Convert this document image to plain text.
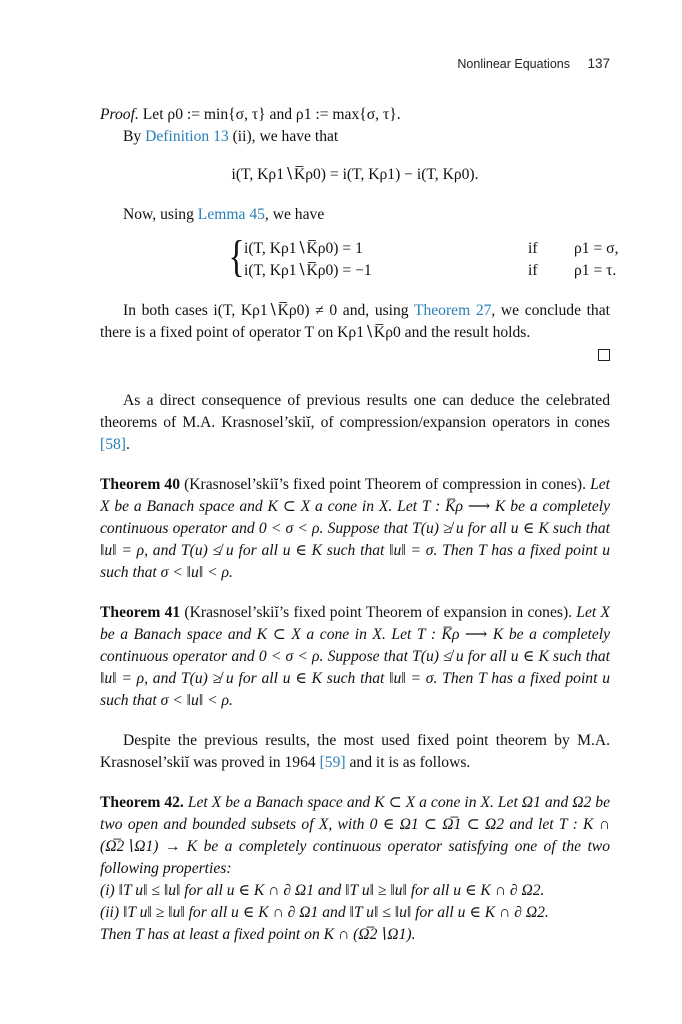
Nonlinear Equations 137

Proof. Let ρ0 := min{σ, τ} and ρ1 := max{σ, τ}.

By Definition 13 (ii), we have that

i(T, Kρ1∖K̅ρ0) = i(T, Kρ1) − i(T, Kρ0).

Now, using Lemma 45, we have

{ i(T, Kρ1∖K̅ρ0) = 1	if ρ1 = σ,
i(T, Kρ1∖K̅ρ0) = −1	if ρ1 = τ.

In both cases i(T, Kρ1∖K̅ρ0) ≠ 0 and, using Theorem 27, we conclude that there is a fixed point of operator T on Kρ1∖K̅ρ0 and the result holds.

As a direct consequence of previous results one can deduce the celebrated theorems of M.A. Krasnosel’skiĭ, of compression/expansion operators in cones [58].

Theorem 40 (Krasnosel’skiĭ’s fixed point Theorem of compression in cones). Let X be a Banach space and K ⊂ X a cone in X. Let T : K̅ρ ⟶ K be a completely continuous operator and 0 < σ < ρ. Suppose that T(u) ≱ u for all u ∈ K such that ‖u‖ = ρ, and T(u) ≰ u for all u ∈ K such that ‖u‖ = σ. Then T has a fixed point u such that σ < ‖u‖ < ρ.

Theorem 41 (Krasnosel’skiĭ’s fixed point Theorem of expansion in cones). Let X be a Banach space and K ⊂ X a cone in X. Let T : K̅ρ ⟶ K be a completely continuous operator and 0 < σ < ρ. Suppose that T(u) ≰ u for all u ∈ K such that ‖u‖ = ρ, and T(u) ≱ u for all u ∈ K such that ‖u‖ = σ. Then T has a fixed point u such that σ < ‖u‖ < ρ.

Despite the previous results, the most used fixed point theorem by M.A. Krasnosel’skiĭ was proved in 1964 [59] and it is as follows.

Theorem 42. Let X be a Banach space and K ⊂ X a cone in X. Let Ω1 and Ω2 be two open and bounded subsets of X, with 0 ∈ Ω1 ⊂ Ω̅1 ⊂ Ω2 and let T : K ∩ (Ω̅2∖Ω1) → K be a completely continuous operator satisfying one of the two following properties:

(i) ‖T u‖ ≤ ‖u‖ for all u ∈ K ∩ ∂ Ω1 and ‖T u‖ ≥ ‖u‖ for all u ∈ K ∩ ∂ Ω2.

(ii) ‖T u‖ ≥ ‖u‖ for all u ∈ K ∩ ∂ Ω1 and ‖T u‖ ≤ ‖u‖ for all u ∈ K ∩ ∂ Ω2.

Then T has at least a fixed point on K ∩ (Ω̅2∖Ω1).
